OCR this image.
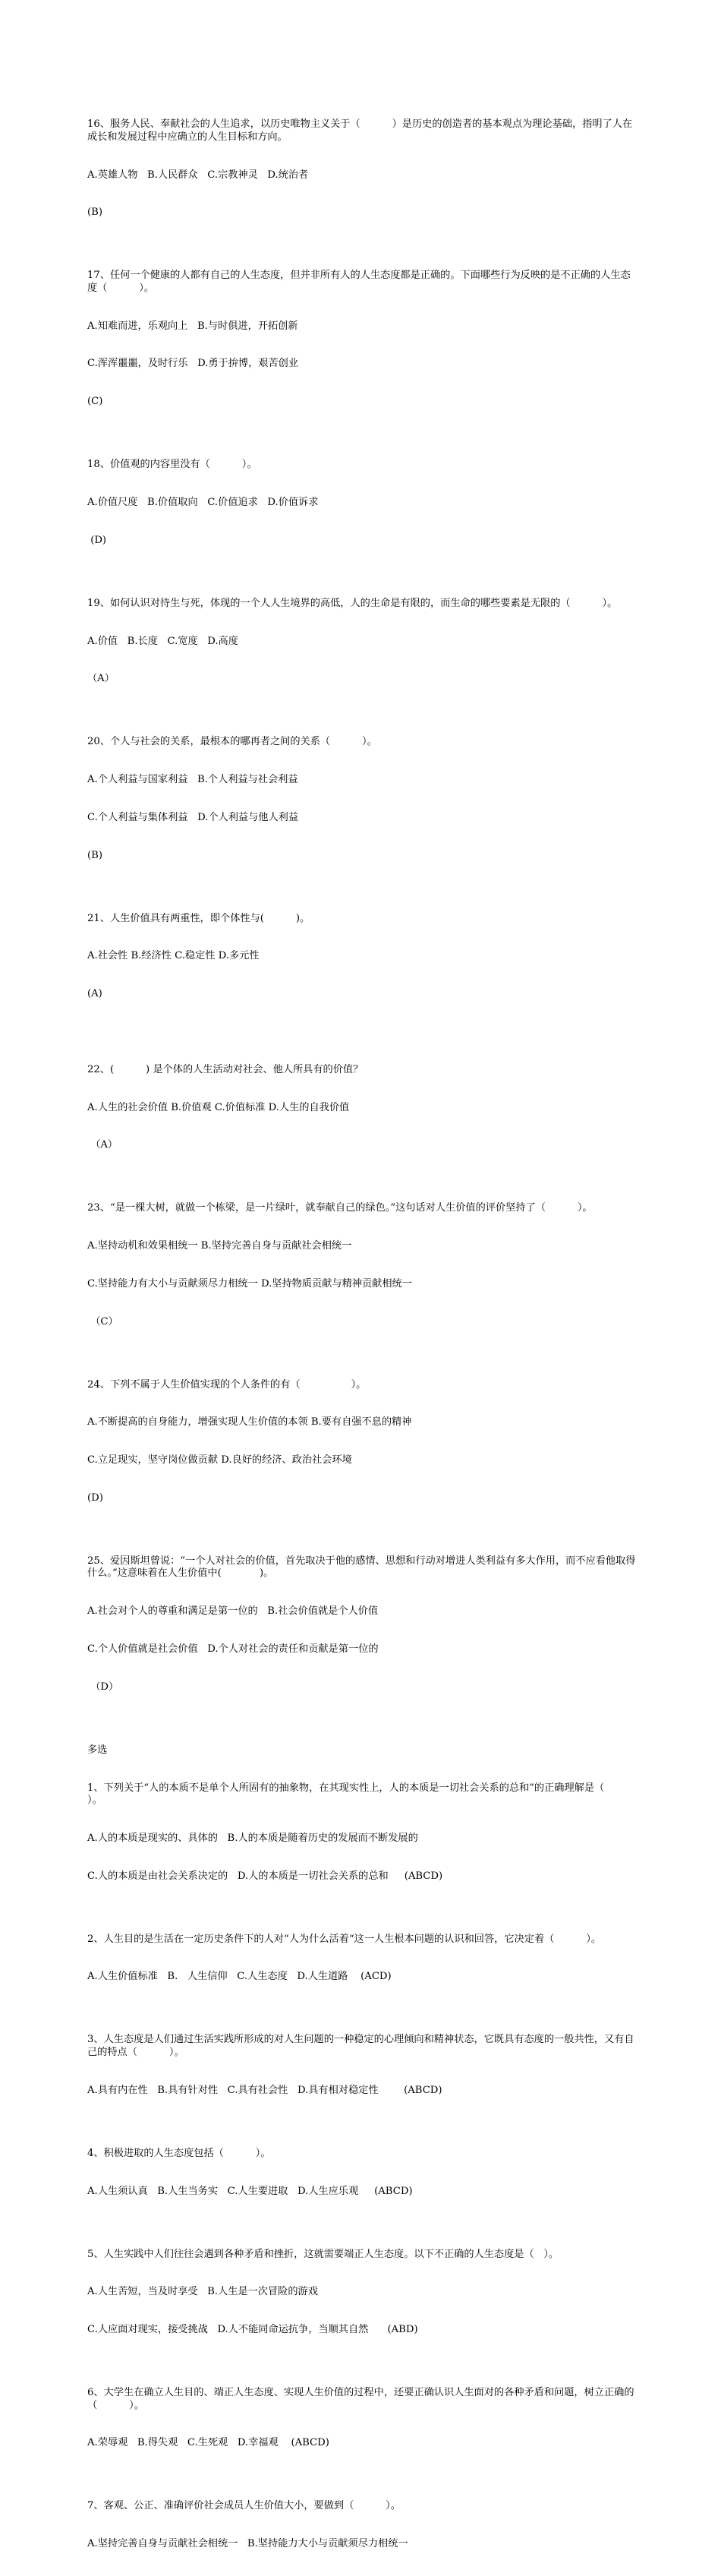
16、服务人民、奉献社会的人生追求，以历史唯物主义关于（          ）是历史的创造者的基本观点为理论基础，指明了人在成长和发展过程中应确立的人生目标和方向。

A.英雄人物   B.人民群众   C.宗教神灵   D.统治者

(B)

17、任何一个健康的人都有自己的人生态度，但并非所有人的人生态度都是正确的。下面哪些行为反映的是不正确的人生态度（          ）。

A.知难而进，乐观向上   B.与时俱进，开拓创新

C.浑浑噩噩，及时行乐   D.勇于拚博，艰苦创业

(C)

18、价值观的内容里没有（          ）。

A.价值尺度   B.价值取向   C.价值追求   D.价值诉求

(D)

19、如何认识对待生与死，体现的一个人人生境界的高低，人的生命是有限的，而生命的哪些要素是无限的（          ）。

A.价值   B.长度   C.宽度   D.高度

（A）

20、个人与社会的关系，最根本的哪再者之间的关系（          ）。

A.个人利益与国家利益   B.个人利益与社会利益

C.个人利益与集体利益   D.个人利益与他人利益

(B)

21、人生价值具有两重性，即个体性与(          )。

A.社会性 B.经济性 C.稳定性 D.多元性

(A)

22、(          ) 是个体的人生活动对社会、他人所具有的价值？

A.人生的社会价值 B.价值观 C.价值标准 D.人生的自我价值

（A）

23、“是一棵大树，就做一个栋梁，是一片绿叶，就奉献自己的绿色。”这句话对人生价值的评价坚持了（          ）。

A.坚持动机和效果相统一 B.坚持完善自身与贡献社会相统一

C.坚持能力有大小与贡献须尽力相统一 D.坚持物质贡献与精神贡献相统一

（C）

24、下列不属于人生价值实现的个人条件的有（                ）。

A.不断提高的自身能力，增强实现人生价值的本领 B.要有自强不息的精神

C.立足现实，坚守岗位做贡献 D.良好的经济、政治社会环境

(D)

25、爱因斯坦曾说：“一个人对社会的价值，首先取决于他的感情、思想和行动对增进人类利益有多大作用，而不应看他取得什么。”这意味着在人生价值中(            )。

A.社会对个人的尊重和满足是第一位的   B.社会价值就是个人价值

C.个人价值就是社会价值   D.个人对社会的责任和贡献是第一位的

（D）

多选

1、下列关于“人的本质不是单个人所固有的抽象物，在其现实性上，人的本质是一切社会关系的总和”的正确理解是（          ）。

A.人的本质是现实的、具体的   B.人的本质是随着历史的发展而不断发展的

C.人的本质是由社会关系决定的   D.人的本质是一切社会关系的总和     (ABCD)

2、人生目的是生活在一定历史条件下的人对“人为什么活着“这一人生根本问题的认识和回答，它决定着（          ）。

A.人生价值标准   B.   人生信仰   C.人生态度   D.人生道路    (ACD)

3、人生态度是人们通过生活实践所形成的对人生问题的一种稳定的心理倾向和精神状态，它既具有态度的一般共性，又有自己的特点（          ）。

A.具有内在性   B.具有针对性   C.具有社会性   D.具有相对稳定性        (ABCD)

4、积极进取的人生态度包括（          ）。

A.人生须认真   B.人生当务实   C.人生要进取   D.人生应乐观     (ABCD)

5、人生实践中人们往往会遇到各种矛盾和挫折，这就需要端正人生态度。以下不正确的人生态度是（   ）。

A.人生苦短，当及时享受   B.人生是一次冒险的游戏

C.人应面对现实，接受挑战   D.人不能同命运抗争，当顺其自然      (ABD)

6、大学生在确立人生目的、端正人生态度、实现人生价值的过程中，还要正确认识人生面对的各种矛盾和问题，树立正确的（          ）。

A.荣辱观   B.得失观   C.生死观   D.幸福观    (ABCD)

7、客观、公正、准确评价社会成员人生价值大小，要做到（          ）。

A.坚持完善自身与贡献社会相统一   B.坚持能力大小与贡献须尽力相统一
